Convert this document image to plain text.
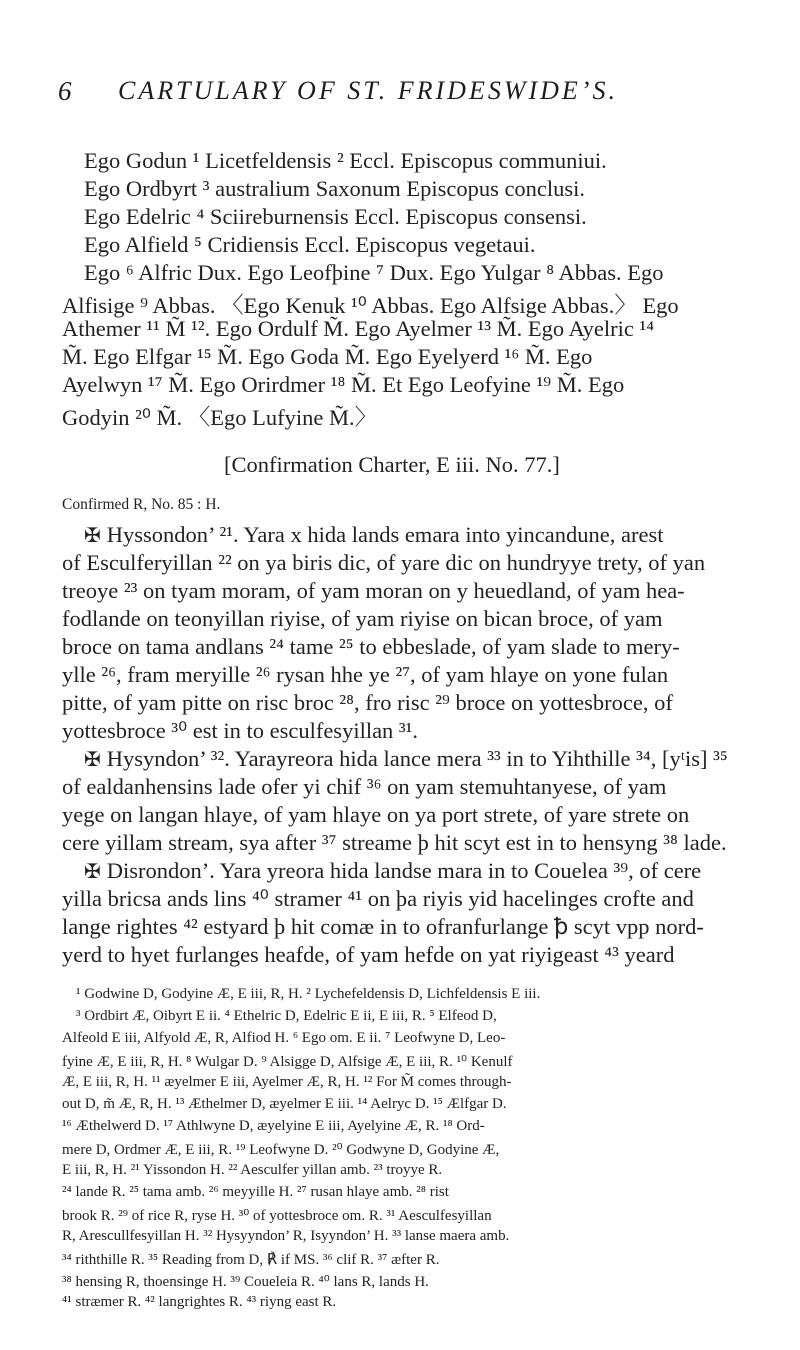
6 CARTULARY OF ST. FRIDESWIDE’S.
Ego Godun ¹ Licetfeldensis ² Eccl. Episcopus communiui.
Ego Ordbyrt ³ australium Saxonum Episcopus conclusi.
Ego Edelric ⁴ Sciireburnensis Eccl. Episcopus consensi.
Ego Alfield ⁵ Cridiensis Eccl. Episcopus vegetaui.
Ego ⁶ Alfric Dux. Ego Leofþine ⁷ Dux. Ego Yulgar ⁸ Abbas. Ego
Alfisige ⁹ Abbas. 〈Ego Kenuk ¹⁰ Abbas. Ego Alfsige Abbas.〉 Ego
Athemer ¹¹ M̃ ¹². Ego Ordulf M̃. Ego Ayelmer ¹³ M̃. Ego Ayelric ¹⁴
M̃. Ego Elfgar ¹⁵ M̃. Ego Goda M̃. Ego Eyelyerd ¹⁶ M̃. Ego
Ayelwyn ¹⁷ M̃. Ego Orirdmer ¹⁸ M̃. Et Ego Leofyine ¹⁹ M̃. Ego
Godyin ²⁰ M̃. 〈Ego Lufyine M̃.〉
[Confirmation Charter, E iii. No. 77.]
Confirmed R, No. 85 : H.
✠ Hyssondon’ ²¹. Yara x hida lands emara into yincandune, arest
of Esculferyillan ²² on ya biris dic, of yare dic on hundryye trety, of yan
treoye ²³ on tyam moram, of yam moran on y heuedland, of yam hea-
fodlande on teonyillan riyise, of yam riyise on bican broce, of yam
broce on tama andlans ²⁴ tame ²⁵ to ebbeslade, of yam slade to mery-
ylle ²⁶, fram meryille ²⁶ rysan hhe ye ²⁷, of yam hlaye on yone fulan
pitte, of yam pitte on risc broc ²⁸, fro risc ²⁹ broce on yottesbroce, of
yottesbroce ³⁰ est in to esculfesyillan ³¹.
✠ Hysyndon’ ³². Yarayreora hida lance mera ³³ in to Yihthille ³⁴, [yᵗis] ³⁵
of ealdanhensins lade ofer yi chif ³⁶ on yam stemuhtanyese, of yam
yege on langan hlaye, of yam hlaye on ya port strete, of yare strete on
cere yillam stream, sya after ³⁷ streame þ hit scyt est in to hensyng ³⁸ lade.
✠ Disrondon’. Yara yreora hida landse mara in to Couelea ³⁹, of cere
yilla bricsa ands lins ⁴⁰ stramer ⁴¹ on þa riyis yid hacelinges crofte and
lange rightes ⁴² estyard þ hit comæ in to ofranfurlange ꝥ scyt vpp nord-
yerd to hyet furlanges heafde, of yam hefde on yat riyigeast ⁴³ yeard
¹ Godwine D, Godyine Æ, E iii, R, H. ² Lychefeldensis D, Lichfeldensis E iii.
³ Ordbirt Æ, Oibyrt E ii. ⁴ Ethelric D, Edelric E ii, E iii, R. ⁵ Elfeod D,
Alfeold E iii, Alfyold Æ, R, Alfiod H. ⁶ Ego om. E ii. ⁷ Leofwyne D, Leo-
fyine Æ, E iii, R, H. ⁸ Wulgar D. ⁹ Alsigge D, Alfsige Æ, E iii, R. ¹⁰ Kenulf
Æ, E iii, R, H. ¹¹ æyelmer E iii, Ayelmer Æ, R, H. ¹² For M̃ comes through-
out D, m̃ Æ, R, H. ¹³ Æthelmer D, æyelmer E iii. ¹⁴ Aelryc D. ¹⁵ Ælfgar D.
¹⁶ Æthelwerd D. ¹⁷ Athlwyne D, æyelyine E iii, Ayelyine Æ, R. ¹⁸ Ord-
mere D, Ordmer Æ, E iii, R. ¹⁹ Leofwyne D. ²⁰ Godwyne D, Godyine Æ,
E iii, R, H. ²¹ Yissondon H. ²² Aesculfer yillan amb. ²³ troyye R.
²⁴ lande R. ²⁵ tama amb. ²⁶ meyyille H. ²⁷ rusan hlaye amb. ²⁸ rist
brook R. ²⁹ of rice R, ryse H. ³⁰ of yottesbroce om. R. ³¹ Aesculfesyillan
R, Arescullfesyillan H. ³² Hysyyndon’ R, Isyyndon’ H. ³³ lanse maera amb.
³⁴ riththille R. ³⁵ Reading from D, ℟ if MS. ³⁶ clif R. ³⁷ æfter R.
³⁸ hensing R, thoensinge H. ³⁹ Coueleia R. ⁴⁰ lans R, lands H.
⁴¹ stræmer R. ⁴² langrightes R. ⁴³ riyng east R.
